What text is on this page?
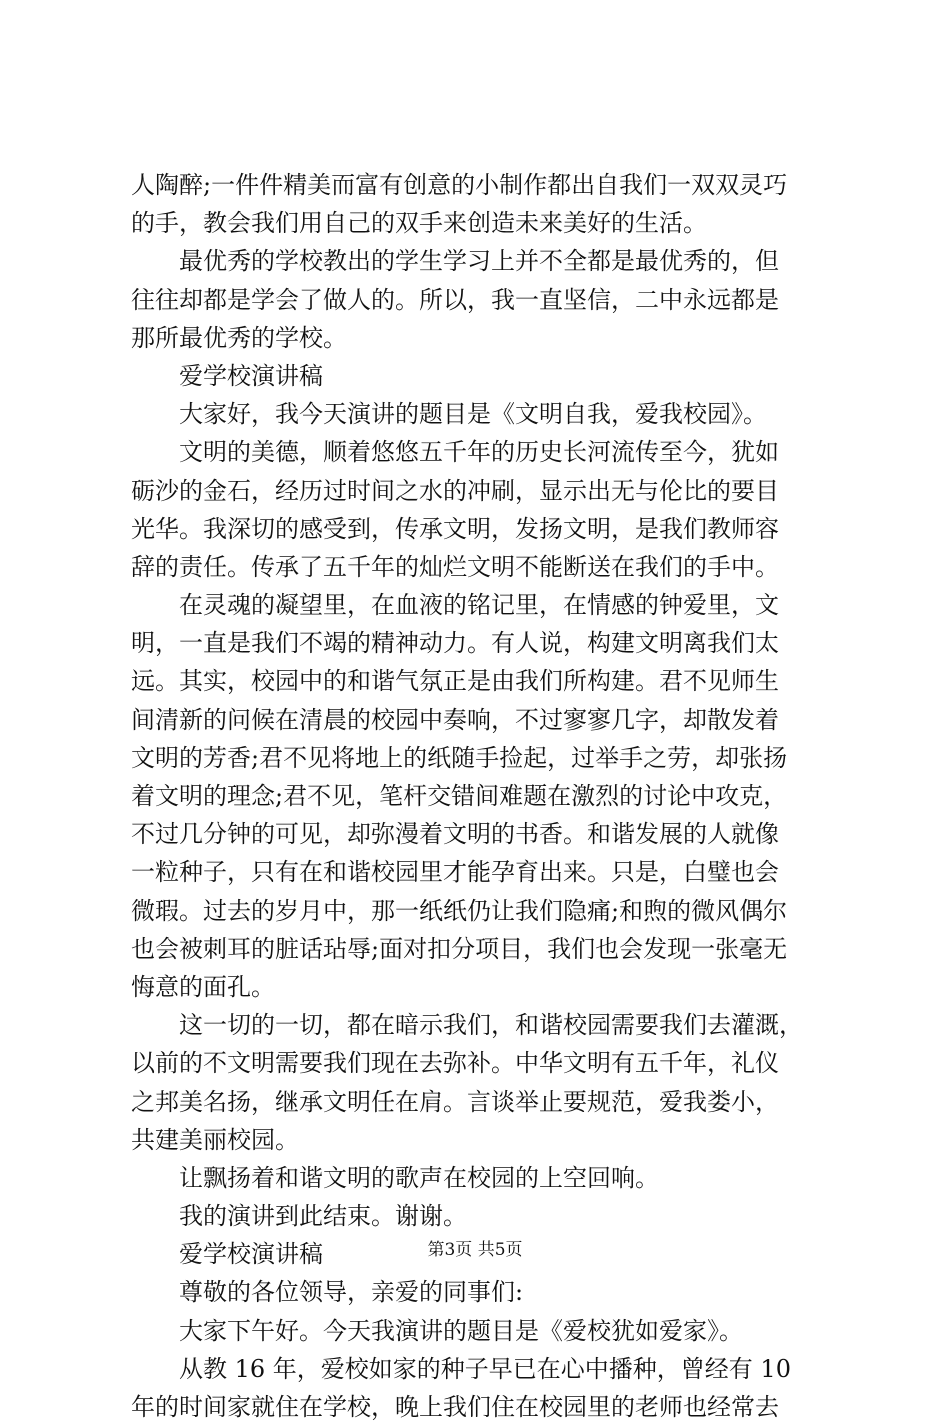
人陶醉;一件件精美而富有创意的小制作都出自我们一双双灵巧
的手，教会我们用自己的双手来创造未来美好的生活。
最优秀的学校教出的学生学习上并不全都是最优秀的，但
往往却都是学会了做人的。所以，我一直坚信，二中永远都是
那所最优秀的学校。
爱学校演讲稿
大家好，我今天演讲的题目是《文明自我，爱我校园》。
文明的美德，顺着悠悠五千年的历史长河流传至今，犹如
砺沙的金石，经历过时间之水的冲刷，显示出无与伦比的要目
光华。我深切的感受到，传承文明，发扬文明，是我们教师容
辞的责任。传承了五千年的灿烂文明不能断送在我们的手中。
在灵魂的凝望里，在血液的铭记里，在情感的钟爱里，文
明，一直是我们不竭的精神动力。有人说，构建文明离我们太
远。其实，校园中的和谐气氛正是由我们所构建。君不见师生
间清新的问候在清晨的校园中奏响，不过寥寥几字，却散发着
文明的芳香;君不见将地上的纸随手捡起，过举手之劳，却张扬
着文明的理念;君不见，笔杆交错间难题在激烈的讨论中攻克，
不过几分钟的可见，却弥漫着文明的书香。和谐发展的人就像
一粒种子，只有在和谐校园里才能孕育出来。只是，白璧也会
微瑕。过去的岁月中，那一纸纸仍让我们隐痛;和煦的微风偶尔
也会被刺耳的脏话玷辱;面对扣分项目，我们也会发现一张毫无
悔意的面孔。
这一切的一切，都在暗示我们，和谐校园需要我们去灌溉，
以前的不文明需要我们现在去弥补。中华文明有五千年，礼仪
之邦美名扬，继承文明任在肩。言谈举止要规范，爱我娄小，
共建美丽校园。
让飘扬着和谐文明的歌声在校园的上空回响。
我的演讲到此结束。谢谢。
爱学校演讲稿
尊敬的各位领导，亲爱的同事们:
大家下午好。今天我演讲的题目是《爱校犹如爱家》。
从教 16 年，爱校如家的种子早已在心中播种，曾经有 10
年的时间家就住在学校，晚上我们住在校园里的老师也经常去
第3页 共5页
